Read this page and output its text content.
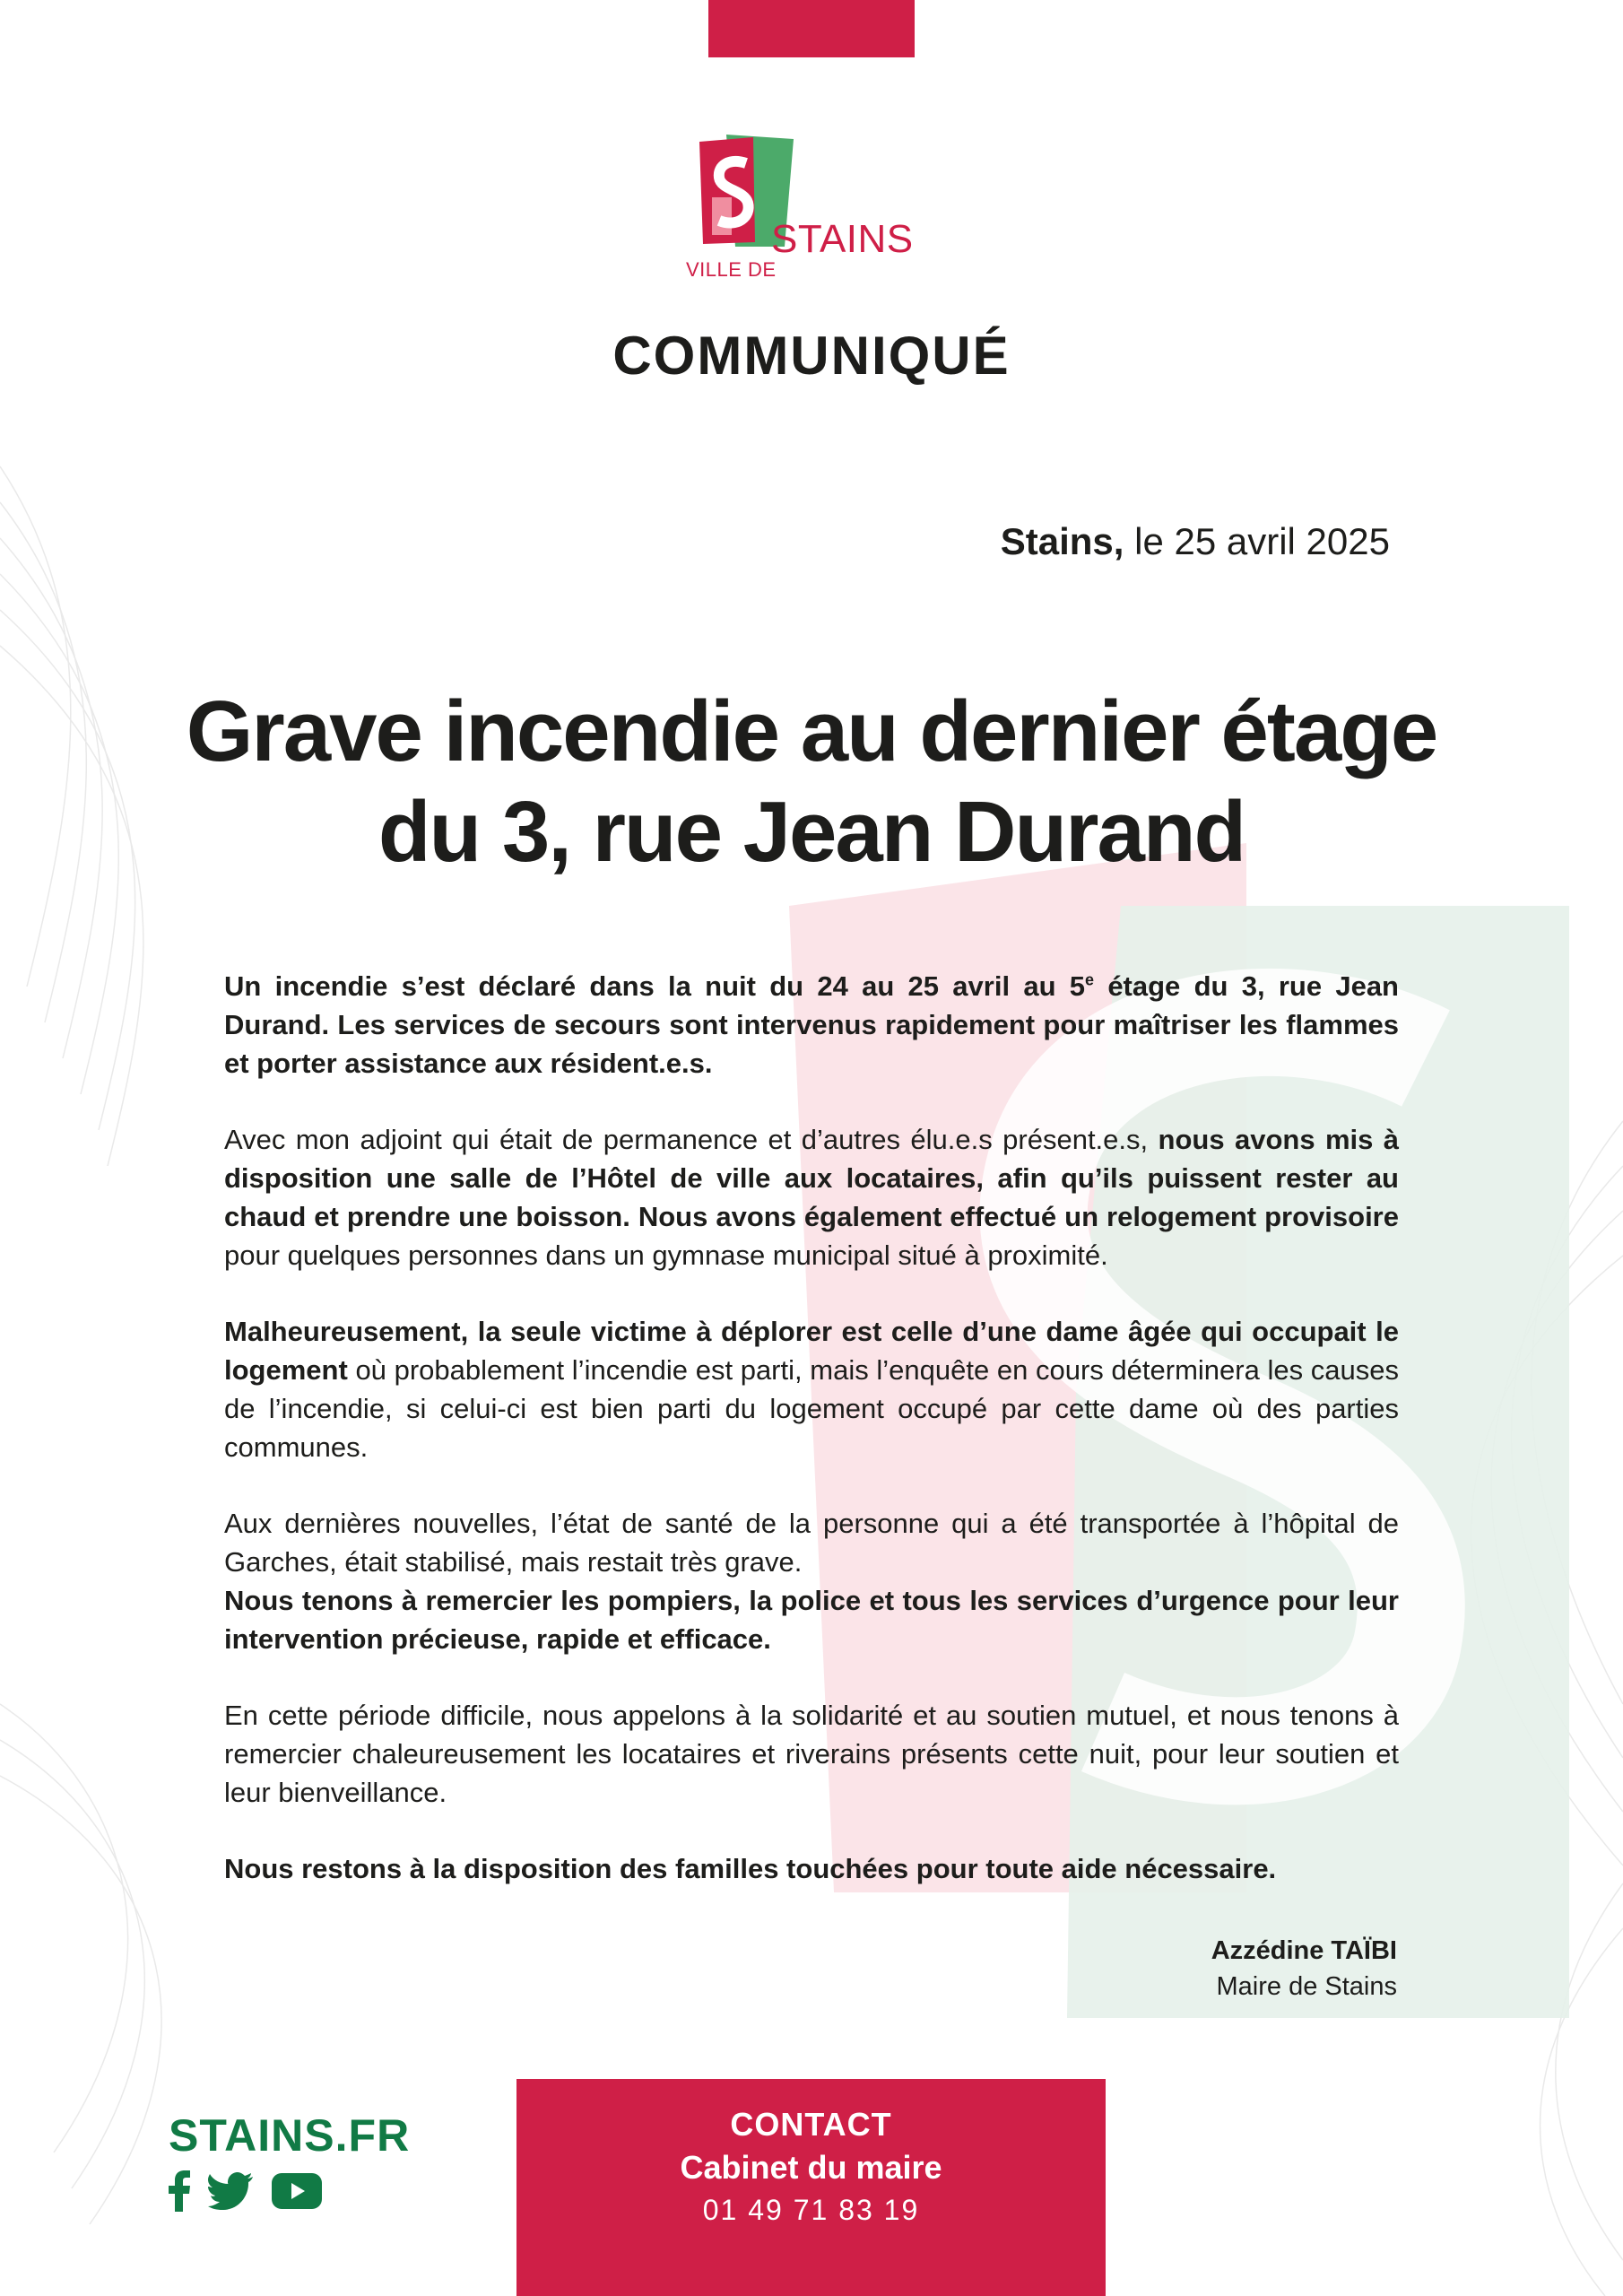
VILLE DE
STAINS
COMMUNIQUÉ
Stains, le 25 avril 2025
Grave incendie au dernier étage
du 3, rue Jean Durand

Un incendie s’est déclaré dans la nuit du 24 au 25 avril au 5e étage du 3, rue Jean Durand. Les services de secours sont intervenus rapidement pour maîtriser les flammes et porter assistance aux résident.e.s.

Avec mon adjoint qui était de permanence et d’autres élu.e.s présent.e.s, nous avons mis à disposition une salle de l’Hôtel de ville aux locataires, afin qu’ils puissent rester au chaud et prendre une boisson. Nous avons également effectué un relogement provisoire pour quelques personnes dans un gymnase municipal situé à proximité.

Malheureusement, la seule victime à déplorer est celle d’une dame âgée qui occupait le logement où probablement l’incendie est parti, mais l’enquête en cours déterminera les causes de l’incendie, si celui-ci est bien parti du logement occupé par cette dame où des parties communes.

Aux dernières nouvelles, l’état de santé de la personne qui a été transportée à l’hôpital de Garches, était stabilisé, mais restait très grave.
Nous tenons à remercier les pompiers, la police et tous les services d’urgence pour leur intervention précieuse, rapide et efficace.

En cette période difficile, nous appelons à la solidarité et au soutien mutuel, et nous tenons à remercier chaleureusement les locataires et riverains présents cette nuit, pour leur soutien et leur bienveillance.

Nous restons à la disposition des familles touchées pour toute aide nécessaire.

Azzédine TAÏBI
Maire de Stains
STAINS.FR
	CONTACT
Cabinet du maire
01 49 71 83 19
